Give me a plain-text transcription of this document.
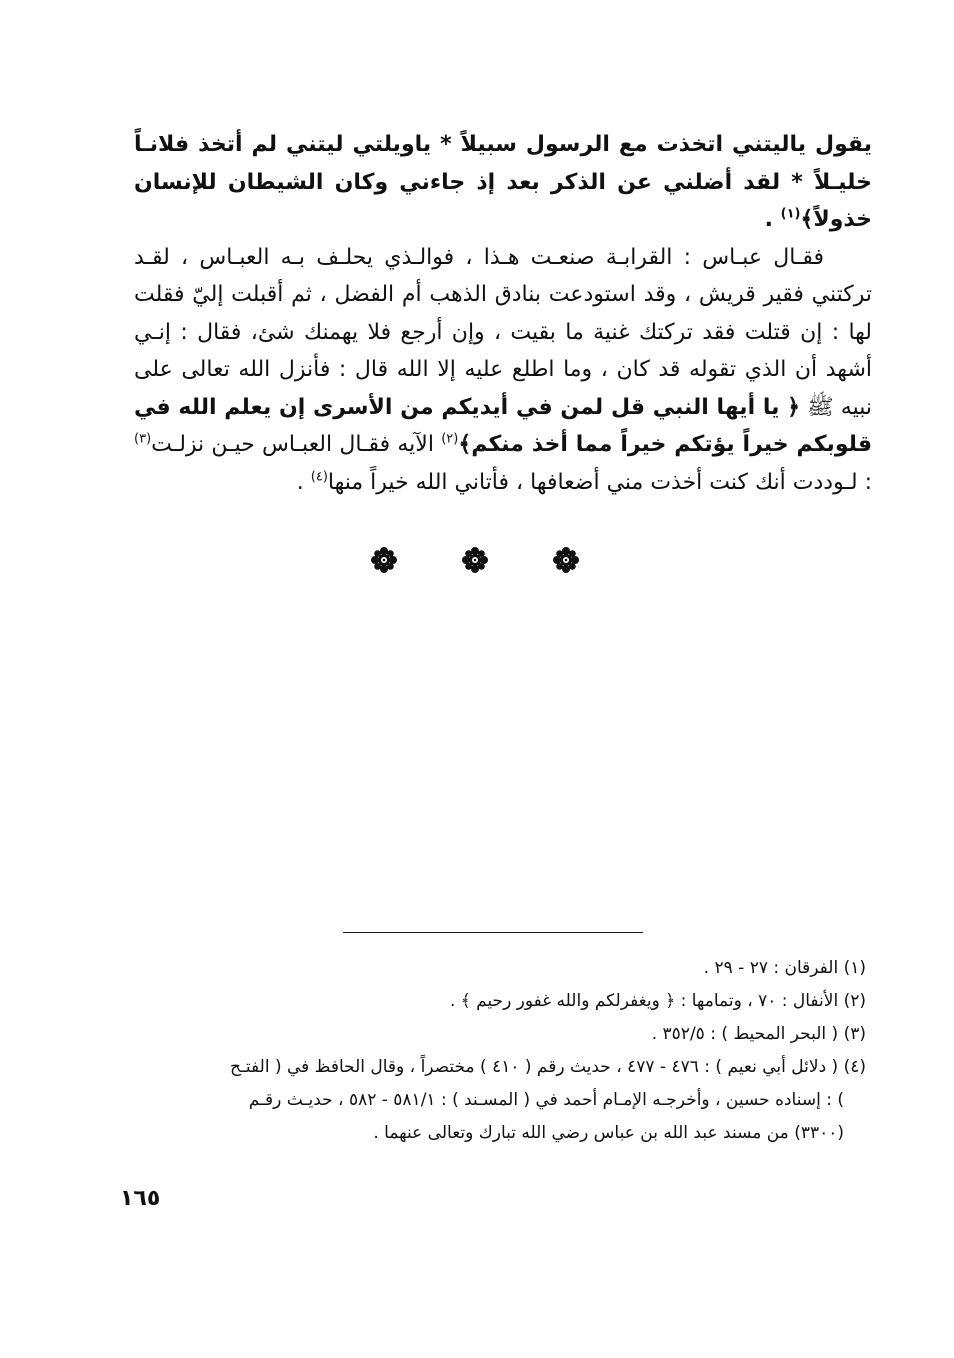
يقول ياليتني اتخذت مع الرسول سبيلاً * ياويلتي ليتني لم أتخذ فلانـاً خليـلاً * لقد أضلني عن الذكر بعد إذ جاءني وكان الشيطان للإنسان خذولاً﴾$^{(١)}$ .

فقـال عبـاس : القرابـة صنعـت هـذا ، فوالـذي يحلـف بـه العبـاس ، لقـد تركتني فقير قريش ، وقد استودعت بنادق الذهب أم الفضل ، ثم أقبلت إليّ فقلت لها : إن قتلت فقد تركتك غنية ما بقيت ، وإن أرجع فلا يهمنك شئ، فقال : إنـي أشهد أن الذي تقوله قد كان ، وما اطلع عليه إلا الله قال : فأنزل الله تعالى على نبيه ﷺ ﴿ يا أيها النبي قل لمن في أيديكم من الأسرى إن يعلم الله في قلوبكم خيراً يؤتكم خيراً مما أخذ منكم﴾$^{(٢)}$ الآيه فقـال العبـاس حيـن نزلـت$^{(٣)}$ : لـوددت أنك كنت أخذت مني أضعافها ، فأتاني الله خيراً منها$^{(٤)}$ .

(١) الفرقان : ٢٧ - ٢٩ .
(٢) الأنفال : ٧٠ ، وتمامها : ﴿ ويغفرلكم والله غفور رحيم ﴾ .
(٣) ( البحر المحيط ) : ٣٥٢/٥ .
(٤) ( دلائل أبي نعيم ) : ٤٧٦ - ٤٧٧ ، حديث رقم ( ٤١٠ ) مختصراً ، وقال الحافظ في ( الفتـح
) : إسناده حسين ، وأخرجـه الإمـام أحمد في ( المسـند ) : ٥٨١/١ - ٥٨٢ ، حديـث رقـم
(٣٣٠٠) من مسند عبد الله بن عباس رضي الله تبارك وتعالى عنهما .
١٦٥
